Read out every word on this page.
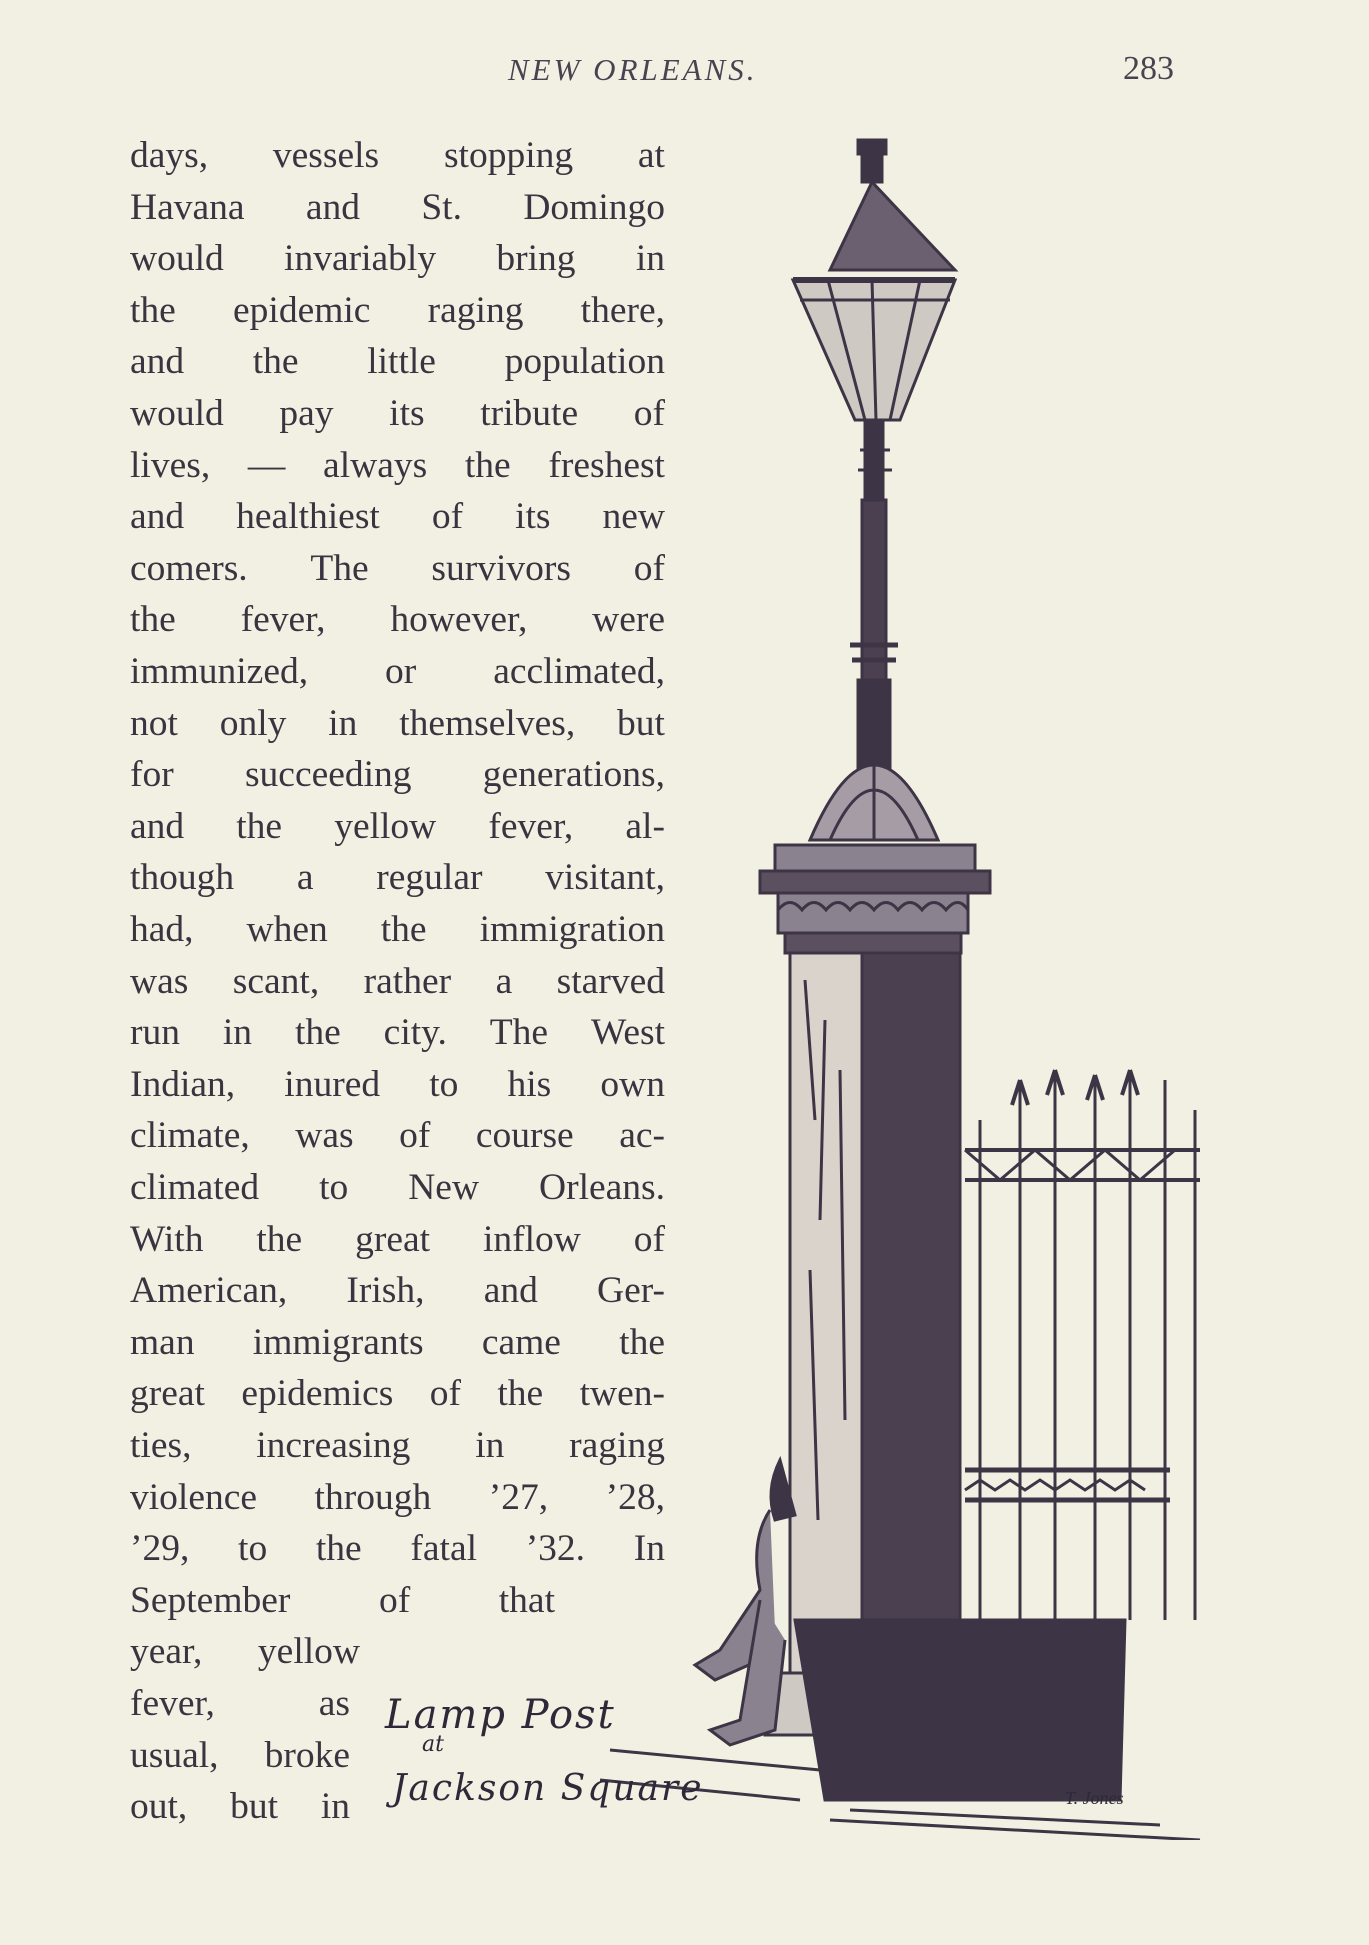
NEW ORLEANS.	283
days, vessels stopping at
Havana and St. Domingo
would invariably bring in
the epidemic raging there,
and the little population
would pay its tribute of
lives, — always the freshest
and healthiest of its new
comers. The survivors of
the fever, however, were
immunized, or acclimated,
not only in themselves, but
for succeeding generations,
and the yellow fever, al-
though a regular visitant,
had, when the immigration
was scant, rather a starved
run in the city. The West
Indian, inured to his own
climate, was of course ac-
climated to New Orleans.
With the great inflow of
American, Irish, and Ger-
man immigrants came the
great epidemics of the twen-
ties, increasing in raging
violence through ’27, ’28,
’29, to the fatal ’32. In
September of that
year, yellow
fever,	as
usual, broke
out, but in
Lamp Post
at
Jackson Square	T. Jones
